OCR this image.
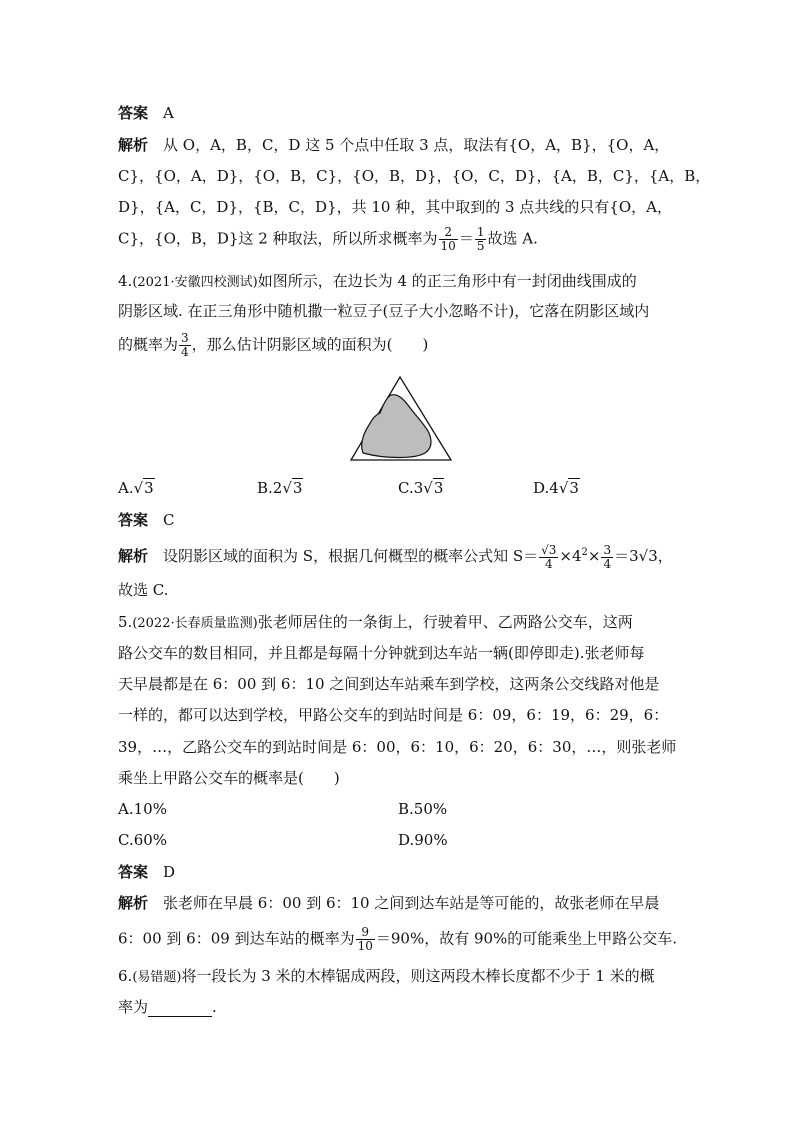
答案　 A
解析　 从 O，A，B，C，D 这 5 个点中任取 3 点，取法有{O，A，B}，{O，A，
C}，{O，A，D}，{O，B，C}，{O，B，D}，{O，C，D}，{A，B，C}，{A，B，
D}，{A，C，D}，{B，C，D}，共 10 种，其中取到的 3 点共线的只有{O，A，
C}，{O，B，D}这 2 种取法，所以所求概率为 $\frac{2}{10} = \frac{1}{5}$ 故选 A.
4.(2021·安徽四校测试)如图所示，在边长为 4 的正三角形中有一封闭曲线围成的
阴影区域. 在正三角形中随机撒一粒豆子(豆子大小忽略不计)，它落在阴影区域内
的概率为 $\frac{3}{4}$ ，那么估计阴影区域的面积为(　　)
A.√3	B.2√3	C.3√3	D.4√3
答案　 C
解析　 设阴影区域的面积为 S，根据几何概型的概率公式知 $S= \frac{√3}{4} \times 4^2\times \frac{3}{4} =3√3$，
故选 C.
5.(2022·长春质量监测)张老师居住的一条街上，行驶着甲、乙两路公交车，这两
路公交车的数目相同，并且都是每隔十分钟就到达车站一辆(即停即走).张老师每
天早晨都是在 6：00 到 6：10 之间到达车站乘车到学校，这两条公交线路对他是
一样的，都可以达到学校，甲路公交车的到站时间是 6：09，6：19，6：29，6：
39，…，乙路公交车的到站时间是 6：00，6：10，6：20，6：30，…，则张老师
乘坐上甲路公交车的概率是(　　)
A.10%	B.50%
C.60%	D.90%
答案　 D
解析　 张老师在早晨 6：00 到 6：10 之间到达车站是等可能的，故张老师在早晨
6：00 到 6：09 到达车站的概率为 $\frac{9}{10} =90\%$，故有 90%的可能乘坐上甲路公交车.
6.(易错题)将一段长为 3 米的木棒锯成两段，则这两段木棒长度都不少于 1 米的概
率为	.
